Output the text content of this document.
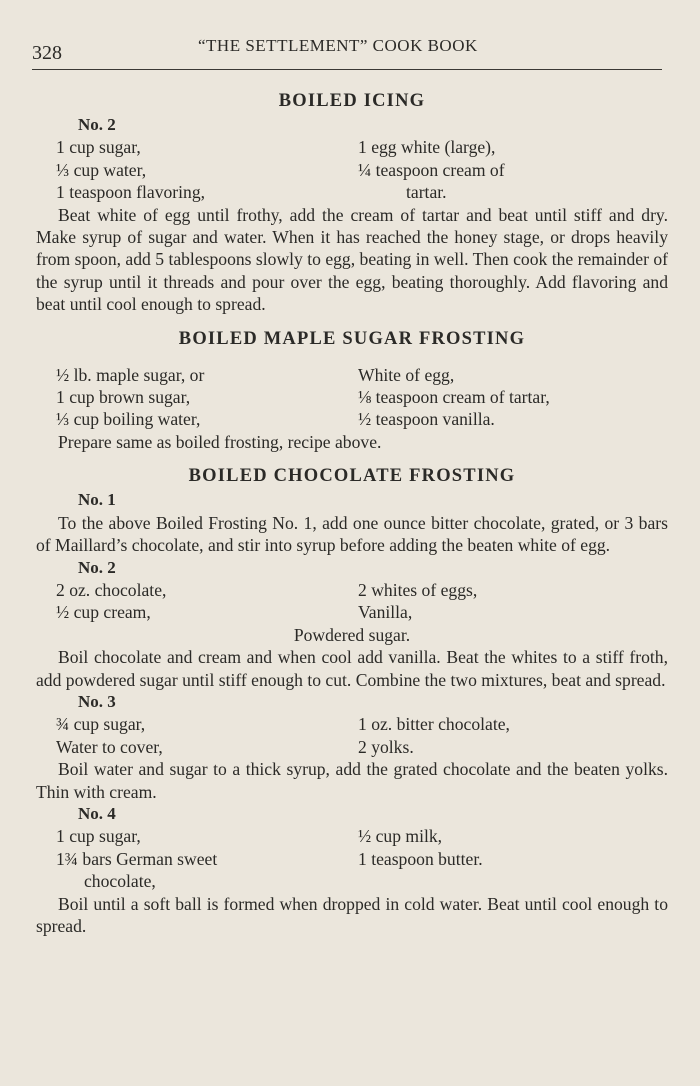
328	“THE SETTLEMENT” COOK BOOK
BOILED ICING
No. 2
1 cup sugar,	1 egg white (large),
⅓ cup water,	¼ teaspoon cream of
1 teaspoon flavoring,	tartar.
Beat white of egg until frothy, add the cream of tartar and beat until stiff and dry. Make syrup of sugar and water. When it has reached the honey stage, or drops heavily from spoon, add 5 tablespoons slowly to egg, beating in well. Then cook the remainder of the syrup until it threads and pour over the egg, beating thoroughly. Add flavoring and beat until cool enough to spread.
BOILED MAPLE SUGAR FROSTING
½ lb. maple sugar, or	White of egg,
1 cup brown sugar,	⅛ teaspoon cream of tartar,
⅓ cup boiling water,	½ teaspoon vanilla.
Prepare same as boiled frosting, recipe above.
BOILED CHOCOLATE FROSTING
No. 1
To the above Boiled Frosting No. 1, add one ounce bitter chocolate, grated, or 3 bars of Maillard’s chocolate, and stir into syrup before adding the beaten white of egg.
No. 2
2 oz. chocolate,	2 whites of eggs,
½ cup cream,	Vanilla,
Powdered sugar.
Boil chocolate and cream and when cool add vanilla. Beat the whites to a stiff froth, add powdered sugar until stiff enough to cut. Combine the two mixtures, beat and spread.
No. 3
¾ cup sugar,	1 oz. bitter chocolate,
Water to cover,	2 yolks.
Boil water and sugar to a thick syrup, add the grated chocolate and the beaten yolks. Thin with cream.
No. 4
1 cup sugar,	½ cup milk,
1¾ bars German sweet	1 teaspoon butter.
chocolate,
Boil until a soft ball is formed when dropped in cold water. Beat until cool enough to spread.
